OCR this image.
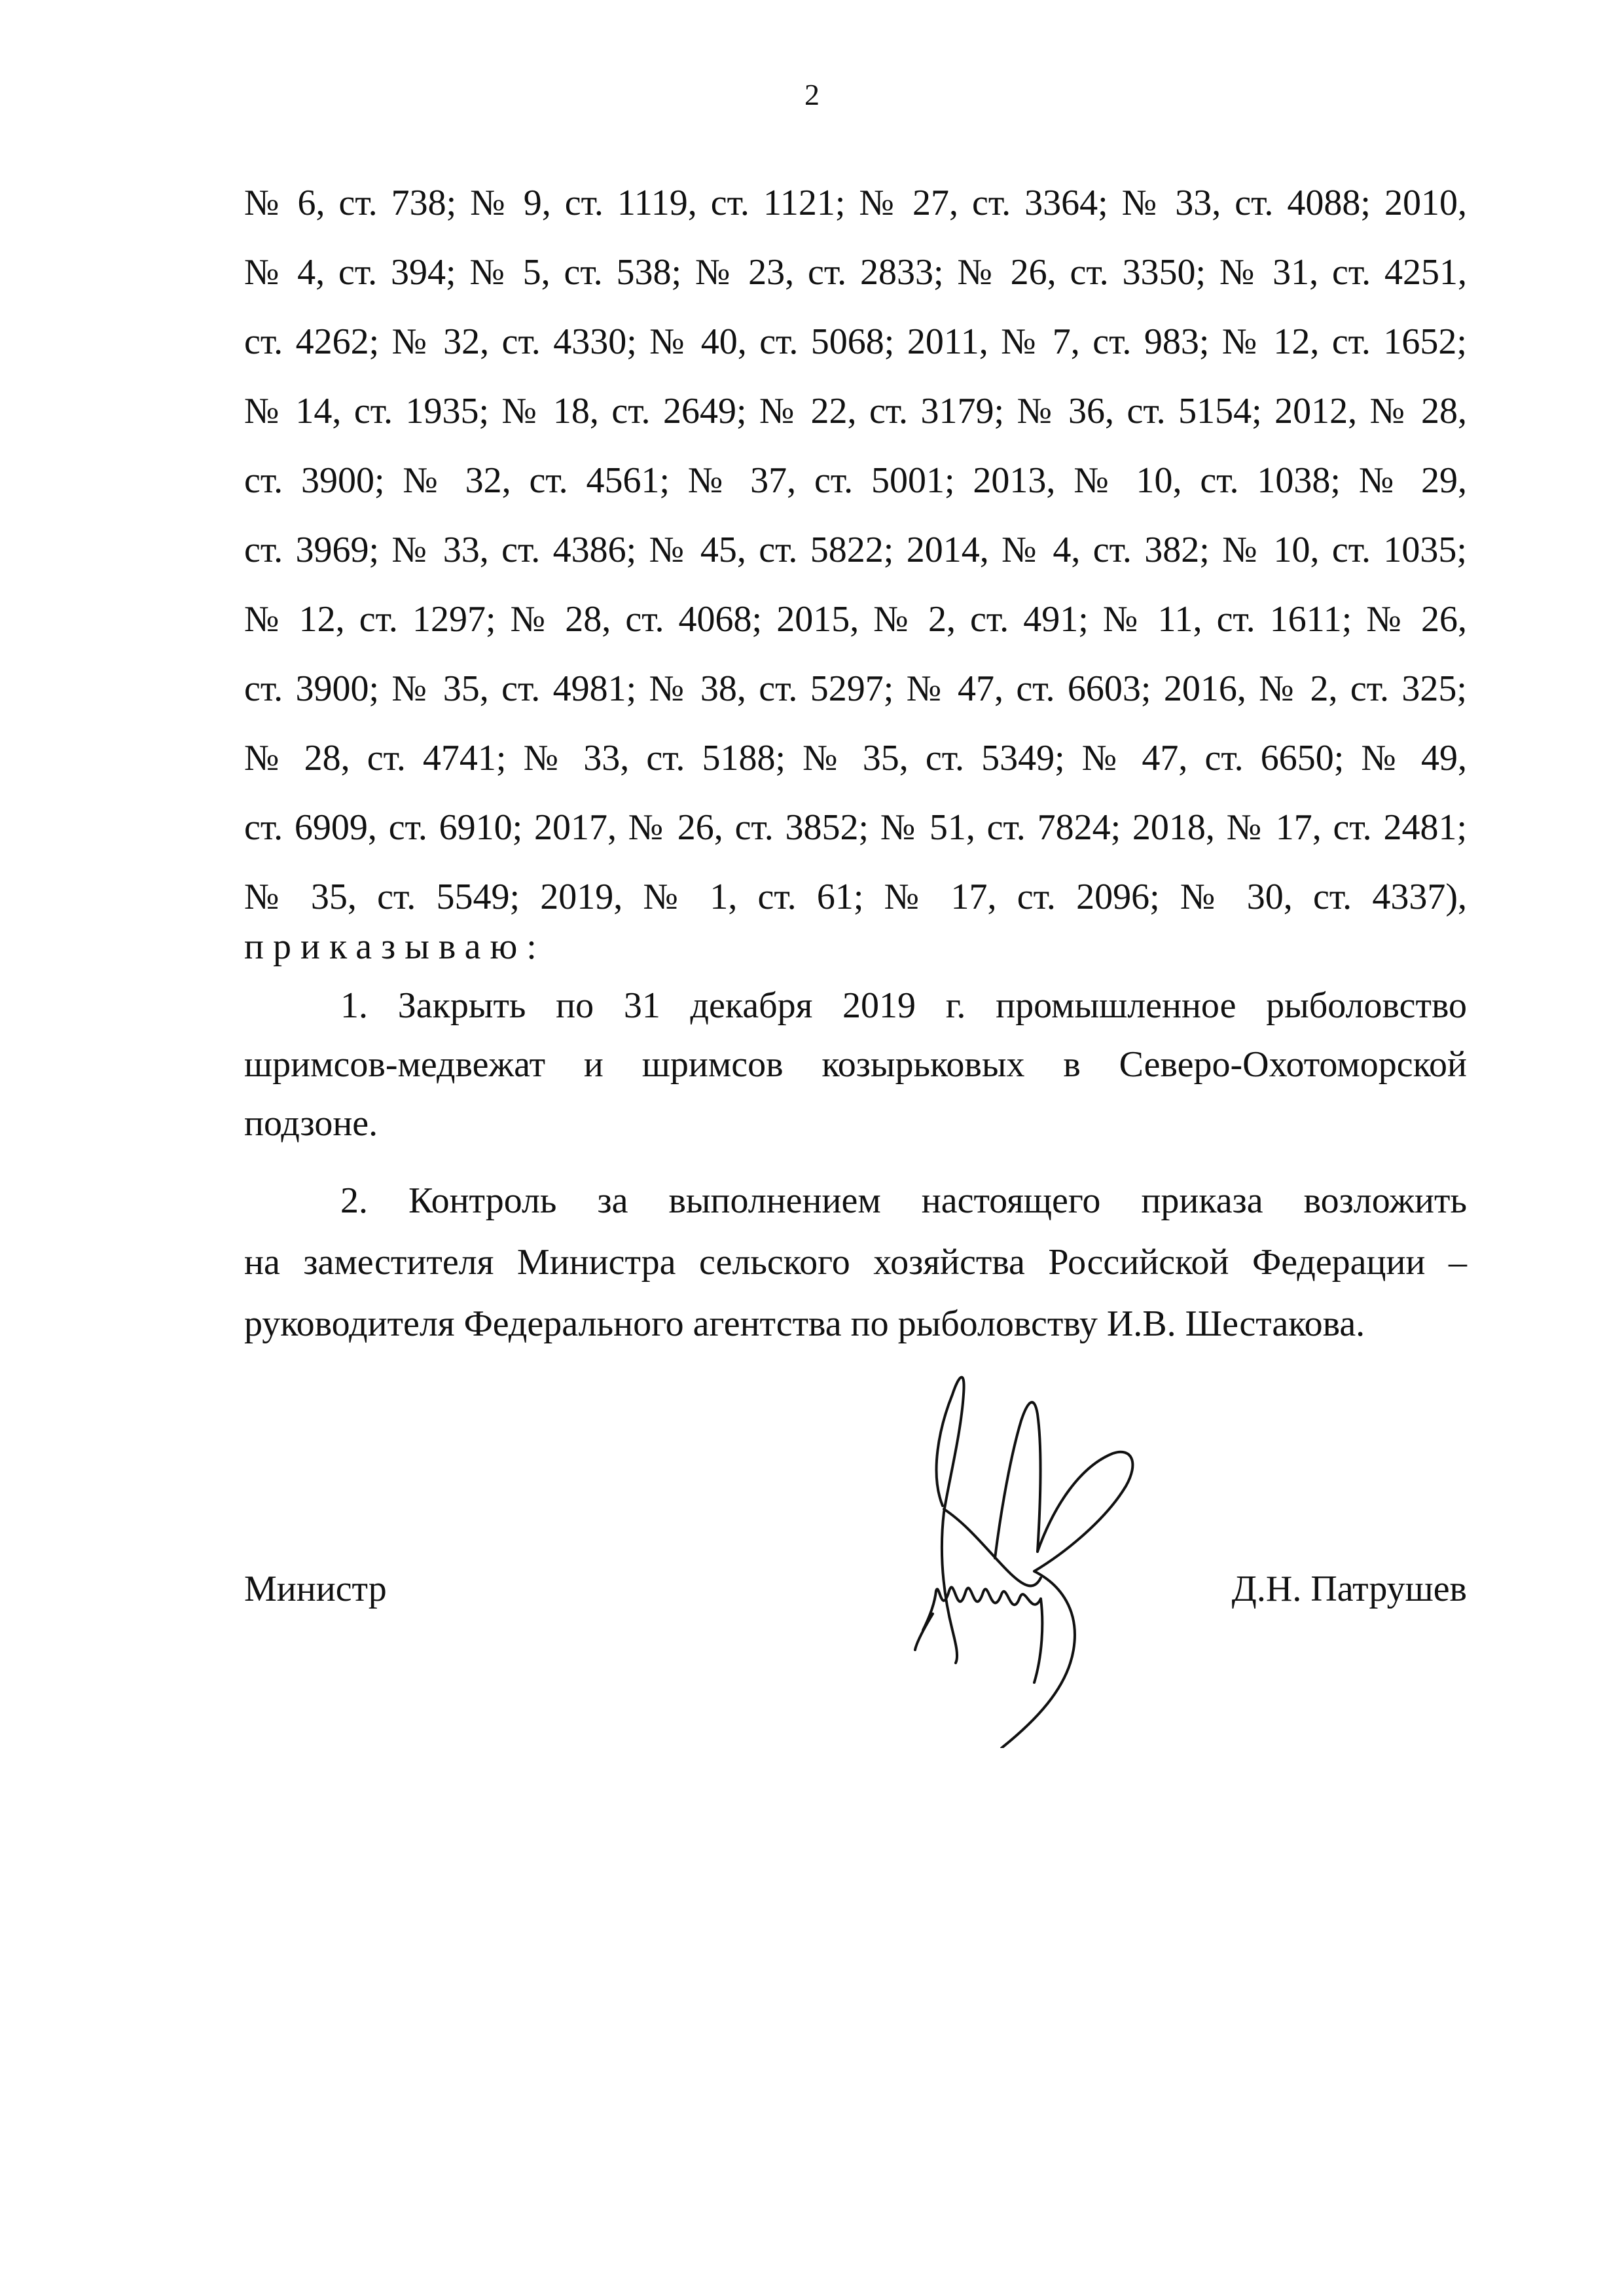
2
№ 6, ст. 738; № 9, ст. 1119, ст. 1121; № 27, ст. 3364; № 33, ст. 4088; 2010,
№ 4, ст. 394; № 5, ст. 538; № 23, ст. 2833; № 26, ст. 3350; № 31, ст. 4251,
ст. 4262; № 32, ст. 4330; № 40, ст. 5068; 2011, № 7, ст. 983; № 12, ст. 1652;
№ 14, ст. 1935; № 18, ст. 2649; № 22, ст. 3179; № 36, ст. 5154; 2012, № 28,
ст. 3900; № 32, ст. 4561; № 37, ст. 5001; 2013, № 10, ст. 1038; № 29,
ст. 3969; № 33, ст. 4386; № 45, ст. 5822; 2014, № 4, ст. 382; № 10, ст. 1035;
№ 12, ст. 1297; № 28, ст. 4068; 2015, № 2, ст. 491; № 11, ст. 1611; № 26,
ст. 3900; № 35, ст. 4981; № 38, ст. 5297; № 47, ст. 6603; 2016, № 2, ст. 325;
№ 28, ст. 4741; № 33, ст. 5188; № 35, ст. 5349; № 47, ст. 6650; № 49,
ст. 6909, ст. 6910; 2017, № 26, ст. 3852; № 51, ст. 7824; 2018, № 17, ст. 2481;
№ 35, ст. 5549; 2019, № 1, ст. 61; № 17, ст. 2096; № 30, ст. 4337),
приказываю:
1. Закрыть по 31 декабря 2019 г. промышленное рыболовство
шримсов-медвежат и шримсов козырьковых в Северо-Охотоморской
подзоне.
2. Контроль за выполнением настоящего приказа возложить
на заместителя Министра сельского хозяйства Российской Федерации –
руководителя Федерального агентства по рыболовству И.В. Шестакова.
Министр	Д.Н. Патрушев
